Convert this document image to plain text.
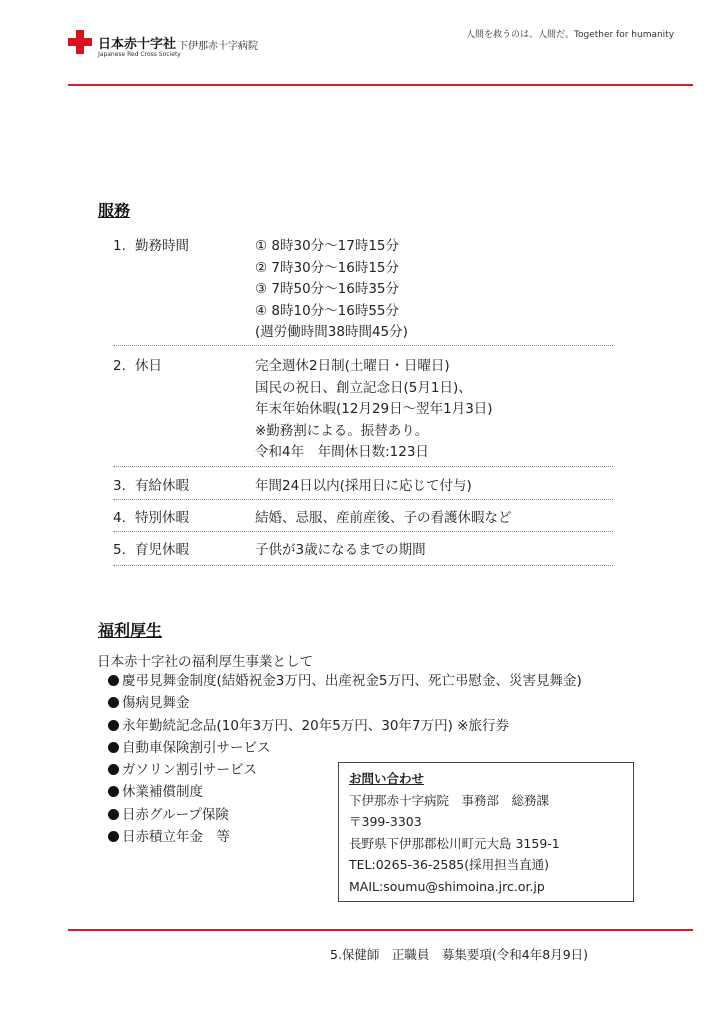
日本赤十字社
Japanese Red Cross Society
下伊那赤十字病院
人間を救うのは、人間だ。Together for humanity
服務
1. 勤務時間	① 8時30分～17時15分
② 7時30分～16時15分
③ 7時50分～16時35分
④ 8時10分～16時55分
(週労働時間38時間45分)
2. 休日	完全週休2日制(土曜日・日曜日)
国民の祝日、創立記念日(5月1日)、
年末年始休暇(12月29日～翌年1月3日)
※勤務割による。振替あり。
令和4年　年間休日数:123日
3. 有給休暇	年間24日以内(採用日に応じて付与)
4. 特別休暇	結婚、忌服、産前産後、子の看護休暇など
5. 育児休暇	子供が3歳になるまでの期間
福利厚生
日本赤十字社の福利厚生事業として
慶弔見舞金制度(結婚祝金3万円、出産祝金5万円、死亡弔慰金、災害見舞金)
傷病見舞金
永年勤続記念品(10年3万円、20年5万円、30年7万円) ※旅行券
自動車保険割引サービス
ガソリン割引サービス
休業補償制度
日赤グループ保険
日赤積立年金　等
お問い合わせ
下伊那赤十字病院　事務部　総務課
〒399-3303
長野県下伊那郡松川町元大島 3159-1
TEL:0265-36-2585(採用担当直通)
MAIL:soumu@shimoina.jrc.or.jp
5.保健師　正職員　募集要項(令和4年8月9日)
